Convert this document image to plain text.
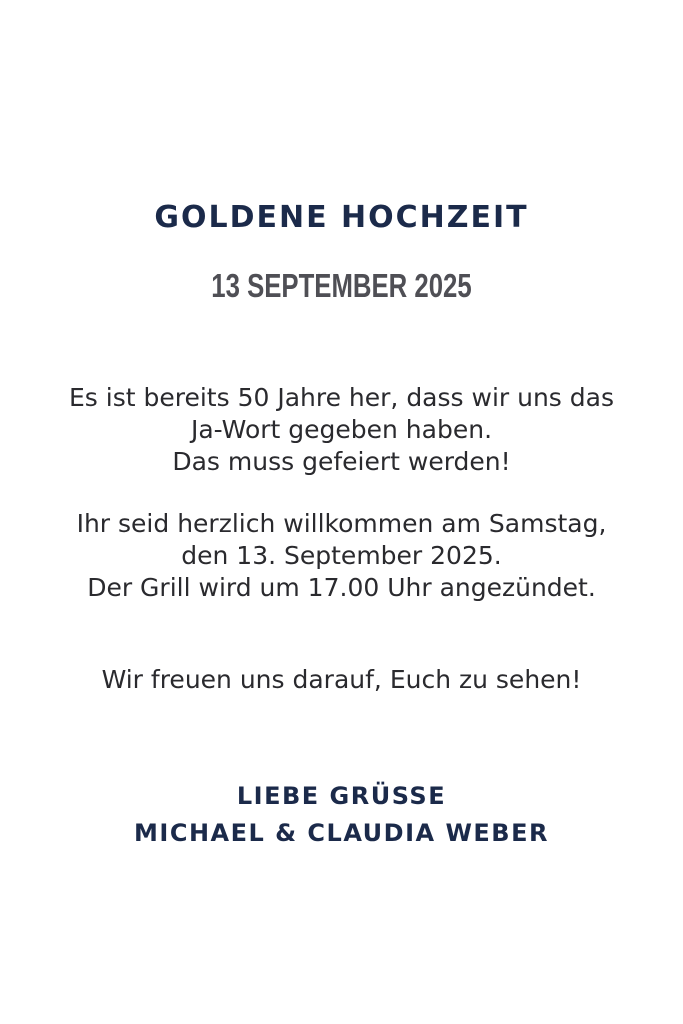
GOLDENE HOCHZEIT
13 SEPTEMBER 2025
Es ist bereits 50 Jahre her, dass wir uns das
Ja-Wort gegeben haben.
Das muss gefeiert werden!
Ihr seid herzlich willkommen am Samstag,
den 13. September 2025.
Der Grill wird um 17.00 Uhr angezündet.
Wir freuen uns darauf, Euch zu sehen!
LIEBE GRÜSSE
MICHAEL & CLAUDIA WEBER
